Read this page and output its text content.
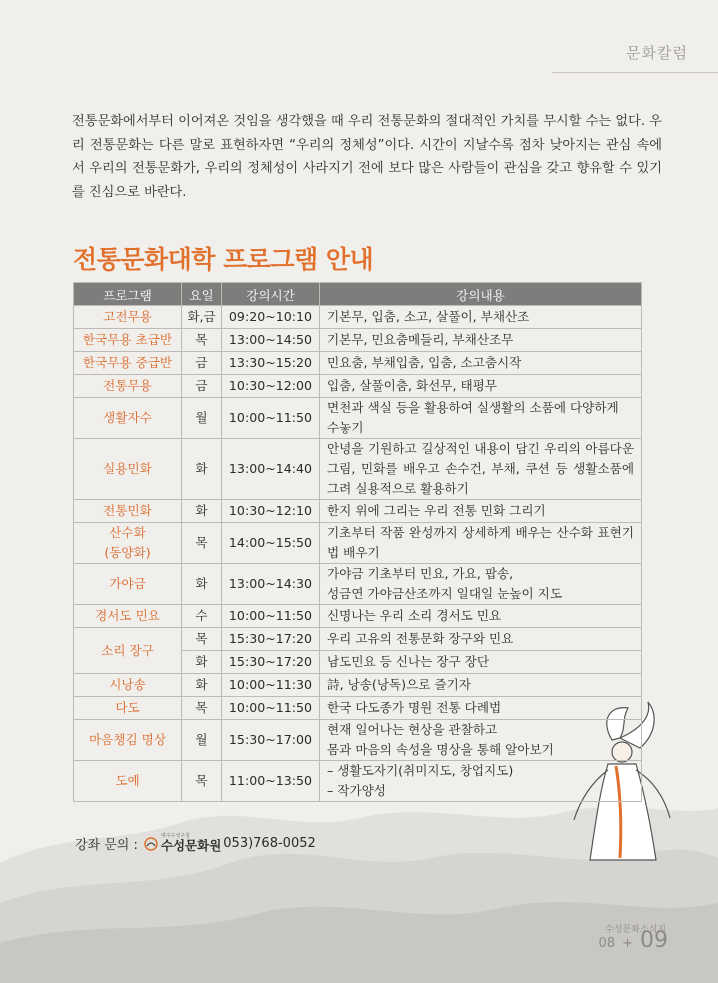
문화칼럼

전통문화에서부터 이어져온 것임을 생각했을 때 우리 전통문화의 절대적인 가치를 무시할 수는 없다. 우리 전통문화는 다른 말로 표현하자면 “우리의 정체성”이다. 시간이 지날수록 점차 낮아지는 관심 속에서 우리의 전통문화가, 우리의 정체성이 사라지기 전에 보다 많은 사람들이 관심을 갖고 향유할 수 있기를 진심으로 바란다.

전통문화대학 프로그램 안내
프로그램	요일	강의시간	강의내용
고전무용	화,금	09:20~10:10	기본무, 입춤, 소고, 살풀이, 부채산조
한국무용 초급반	목	13:00~14:50	기본무, 민요춤메들리, 부채산조무
한국무용 중급반	금	13:30~15:20	민요춤, 부채입춤, 입춤, 소고춤시작
전통무용	금	10:30~12:00	입춤, 살풀이춤, 화선무, 태평무
생활자수	월	10:00~11:50	면천과 색실 등을 활용하여 실생활의 소품에 다양하게 수놓기
실용민화	화	13:00~14:40	안녕을 기원하고 길상적인 내용이 담긴 우리의 아름다운 그림, 민화를 배우고 손수건, 부채, 쿠션 등 생활소품에 그려 실용적으로 활용하기
전통민화	화	10:30~12:10	한지 위에 그리는 우리 전통 민화 그리기

산수화
(동양화)	목	14:00~15:50	기초부터 작품 완성까지 상세하게 배우는 산수화 표현기법 배우기
가야금	화	13:00~14:30	가야금 기초부터 민요, 가요, 팝송,
성금연 가야금산조까지 일대일 눈높이 지도

경서도 민요	수	10:00~11:50	신명나는 우리 소리 경서도 민요
소리 장구	목	15:30~17:20	우리 고유의 전통문화 장구와 민요
	화	15:30~17:20	남도민요 등 신나는 장구 장단
시낭송	화	10:00~11:30	詩, 낭송(낭독)으로 즐기자
다도	목	10:00~11:50	한국 다도종가 명원 전통 다례법
마음챙김 명상	월	15:30~17:00	현재 일어나는 현상을 관찰하고
몸과 마음의 속성을 명상을 통해 알아보기

도예	목	11:00~13:50	– 생활도자기(취미지도, 창업지도)
– 작가양성
강좌 문의 :
대구수성구청
수성문화원 053)768-0052
수성문화소식지
08 + 09
